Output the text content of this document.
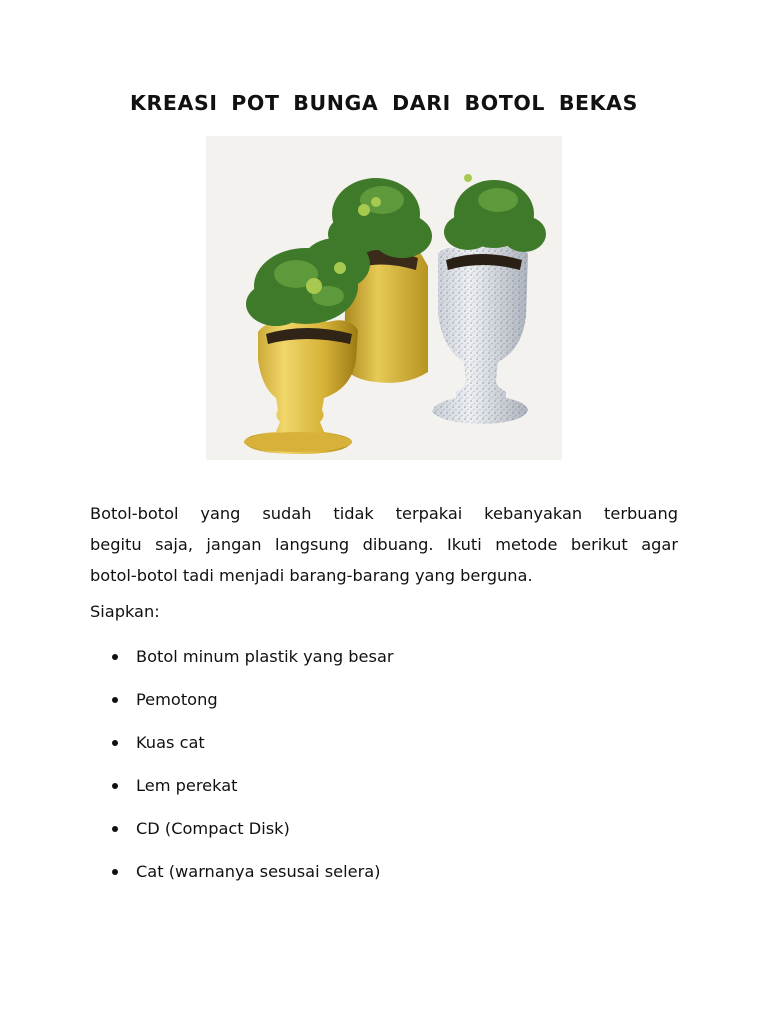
KREASI POT BUNGA DARI BOTOL BEKAS

Botol-botol yang sudah tidak terpakai kebanyakan terbuang
begitu saja, jangan langsung dibuang. Ikuti metode berikut agar
botol-botol tadi menjadi barang-barang yang berguna.

Siapkan:

Botol minum plastik yang besar
Pemotong
Kuas cat
Lem perekat
CD (Compact Disk)
Cat (warnanya sesusai selera)
